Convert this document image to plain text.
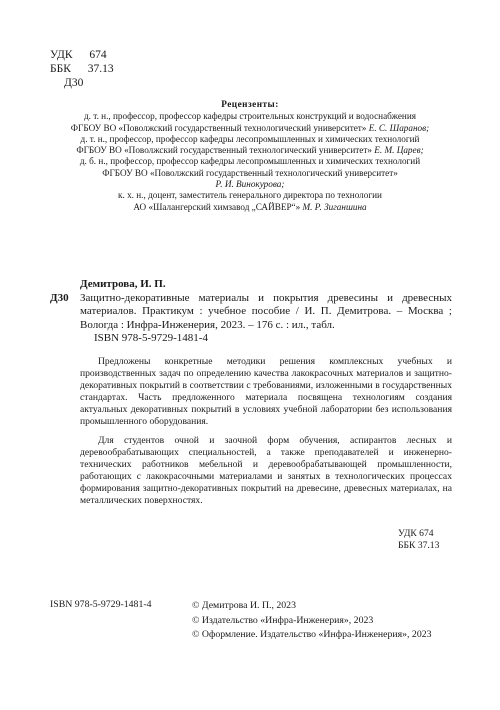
УДК 674
ББК 37.13
Д30
Рецензенты:
д. т. н., профессор, профессор кафедры строительных конструкций и водоснабжения
ФГБОУ ВО «Поволжский государственный технологический университет» Е. С. Шаранов;
д. т. н., профессор, профессор кафедры лесопромышленных и химических технологий
ФГБОУ ВО «Поволжский государственный технологический университет» Е. М. Царев;
д. б. н., профессор, профессор кафедры лесопромышленных и химических технологий
ФГБОУ ВО «Поволжский государственный технологический университет»
Р. И. Винокурова;
к. х. н., доцент, заместитель генерального директора по технологии
АО «Шалангерский химзавод „САЙВЕР“» М. Р. Зиганшина
Демитрова, И. П.
Д30	Защитно-декоративные материалы и покрытия древесины и древесных материалов. Практикум : учебное пособие / И. П. Демитрова. – Москва ; Вологда : Инфра-Инженерия, 2023. – 176 с. : ил., табл.
ISBN 978-5-9729-1481-4

Предложены конкретные методики решения комплексных учебных и производственных задач по определению качества лакокрасочных материалов и защитно-декоративных покрытий в соответствии с требованиями, изложенными в государственных стандартах. Часть предложенного материала посвящена технологиям создания актуальных декоративных покрытий в условиях учебной лаборатории без использования промышленного оборудования.

Для студентов очной и заочной форм обучения, аспирантов лесных и деревообрабатывающих специальностей, а также преподавателей и инженерно-технических работников мебельной и деревообрабатывающей промышленности, работающих с лакокрасочными материалами и занятых в технологических процессах формирования защитно-декоративных покрытий на древесине, древесных материалах, на металлических поверхностях.

УДК 674
ББК 37.13
ISBN 978-5-9729-1481-4	© Демитрова И. П., 2023
© Издательство «Инфра-Инженерия», 2023
© Оформление. Издательство «Инфра-Инженерия», 2023
